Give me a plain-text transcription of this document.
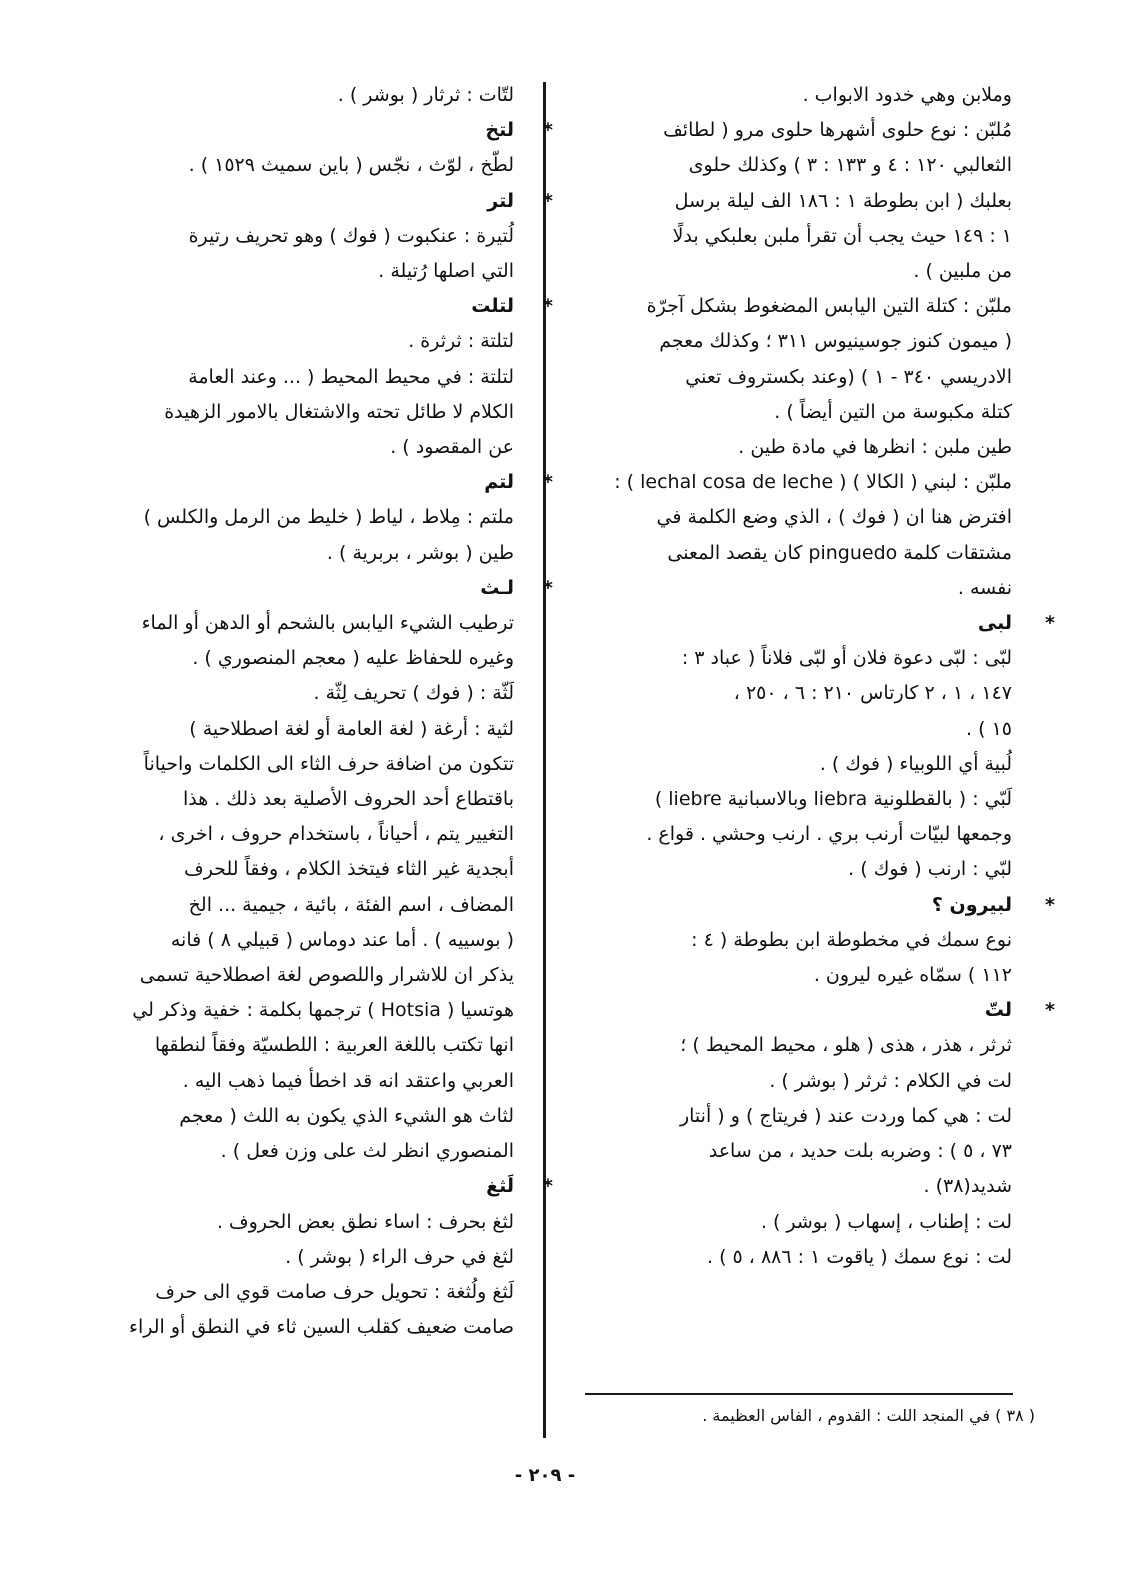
وملابن وهي خدود الابواب .
مُلبّن : نوع حلوى أشهرها حلوى مرو ( لطائف
الثعالبي ١٢٠ : ٤ و ١٣٣ : ٣ ) وكذلك حلوى
بعلبك ( ابن بطوطة ١ : ١٨٦ الف ليلة برسل
١ : ١٤٩ حيث يجب أن تقرأ ملبن بعلبكي بدلًا
من ملبين ) .
ملبّن : كتلة التين اليابس المضغوط بشكل آجرّة
( ميمون كنوز جوسينيوس ٣١١ ؛ وكذلك معجم
الادريسي ٣٤٠ - ١ ) (وعند بكستروف تعني
كتلة مكبوسة من التين أيضاً ) .
طين ملبن : انظرها في مادة طين .
ملبّن : لبني ( الكالا ) ( lechal cosa de leche ) :
افترض هنا ان ( فوك ) ، الذي وضع الكلمة في
مشتقات كلمة pinguedo كان يقصد المعنى
نفسه .
لبى	*
لبّى : لبّى دعوة فلان أو لبّى فلاناً ( عباد ٣ :
١٤٧ ، ١ ، ٢ كارتاس ٢١٠ : ٦ ، ٢٥٠ ،
١٥ ) .
لُبية أي اللوبياء ( فوك ) .
لَبّي : ( بالقطلونية liebra وبالاسبانية liebre )
وجمعها لبيّات أرنب بري . ارنب وحشي . قواع .
لبّي : ارنب ( فوك ) .
لبيرون ؟	*
نوع سمك في مخطوطة ابن بطوطة ( ٤ :
١١٢ ) سمّاه غيره ليرون .
لتّ	*
ثرثر ، هذر ، هذى ( هلو ، محيط المحيط ) ؛
لت في الكلام : ثرثر ( بوشر ) .
لت : هي كما وردت عند ( فريتاج ) و ( أنتار
٧٣ ، ٥ ) : وضربه بلت حديد ، من ساعد
شديد(٣٨) .
لت : إطناب ، إسهاب ( بوشر ) .
لت : نوع سمك ( ياقوت ١ : ٨٨٦ ، ٥ ) .
لتّات : ثرثار ( بوشر ) .
لتخ	*
لطّخ ، لوّث ، نجّس ( باين سميث ١٥٢٩ ) .
لتر	*
لُتيرة : عنكبوت ( فوك ) وهو تحريف رتيرة
التي اصلها رُتيلة .
لتلت	*
لتلتة : ثرثرة .
لتلتة : في محيط المحيط ( ... وعند العامة
الكلام لا طائل تحته والاشتغال بالامور الزهيدة
عن المقصود ) .
لتم	*
ملتم : مِلاط ، لياط ( خليط من الرمل والكلس )
طين ( بوشر ، بربرية ) .
لـث	*
ترطيب الشيء اليابس بالشحم أو الدهن أو الماء
وغيره للحفاظ عليه ( معجم المنصوري ) .
لَثّة : ( فوك ) تحريف لِثّة .
لثية : أرغة ( لغة العامة أو لغة اصطلاحية )
تتكون من اضافة حرف الثاء الى الكلمات واحياناً
باقتطاع أحد الحروف الأصلية بعد ذلك . هذا
التغيير يتم ، أحياناً ، باستخدام حروف ، اخرى ،
أبجدية غير الثاء فيتخذ الكلام ، وفقاً للحرف
المضاف ، اسم الفئة ، بائية ، جيمية ... الخ
( بوسييه ) . أما عند دوماس ( قبيلي ٨ ) فانه
يذكر ان للاشرار واللصوص لغة اصطلاحية تسمى
هوتسيا ( Hotsia ) ترجمها بكلمة : خفية وذكر لي
انها تكتب باللغة العربية : اللطسيّة وفقاً لنطقها
العربي واعتقد انه قد اخطأ فيما ذهب اليه .
لثاث هو الشيء الذي يكون به اللث ( معجم
المنصوري انظر لث على وزن فعل ) .
لَثغ	*
لثغ بحرف : اساء نطق بعض الحروف .
لثغ في حرف الراء ( بوشر ) .
لَثغ ولُثغة : تحويل حرف صامت قوي الى حرف
صامت ضعيف كقلب السين ثاء في النطق أو الراء
( ٣٨ ) في المنجد اللت : القدوم ، الفاس العظيمة .
- ٢٠٩ -
